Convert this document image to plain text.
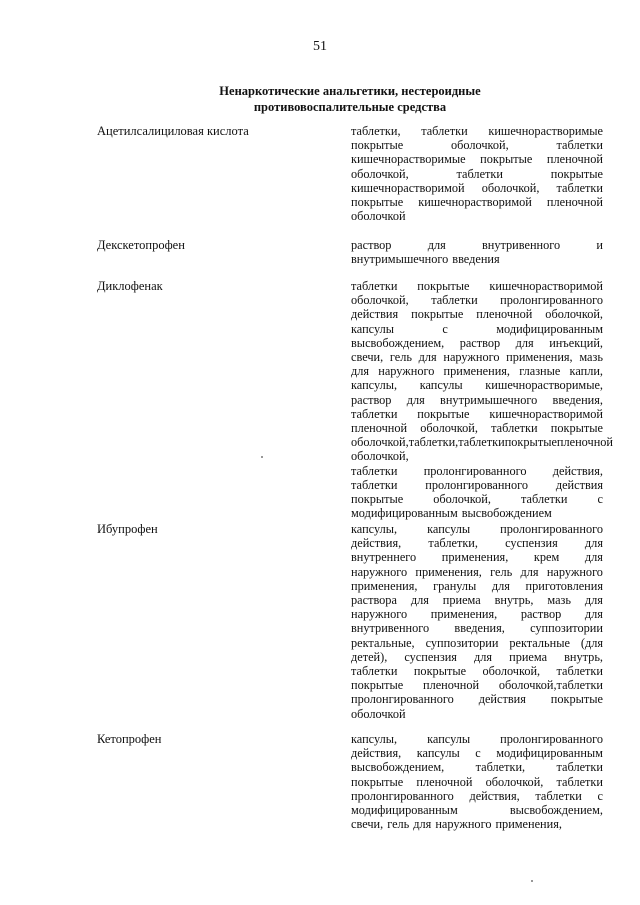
51
Ненаркотические анальгетики, нестероидные
противовоспалительные средства
Ацетилсалициловая кислота	таблетки, таблетки кишечнорастворимые
покрытые	оболочкой,	таблетки
кишечнорастворимые покрытые пленочной
оболочкой,	таблетки	покрытые
кишечнорастворимой оболочкой, таблетки
покрытые кишечнорастворимой пленочной
оболочкой
Декскетопрофен	раствор	для	внутривенного	и
внутримышечного введения
Диклофенак	таблетки покрытые кишечнорастворимой
оболочкой, таблетки пролонгированного
действия покрытые пленочной оболочкой,
капсулы	с	модифицированным
высвобождением, раствор для инъекций,
свечи, гель для наружного применения, мазь
для наружного применения, глазные капли,
капсулы, капсулы кишечнорастворимые,
раствор для внутримышечного введения,
таблетки покрытые кишечнорастворимой
пленочной оболочкой, таблетки покрытые
оболочкой, таблетки, таблетки покрытые пленочной
оболочкой,
таблетки пролонгированного действия,
таблетки пролонгированного действия
покрытые оболочкой, таблетки с
модифицированным высвобождением
Ибупрофен	капсулы, капсулы пролонгированного
действия, таблетки, суспензия для
внутреннего применения, крем для
наружного применения, гель для наружного
применения, гранулы для приготовления
раствора для приема внутрь, мазь для
наружного применения, раствор для
внутривенного введения, суппозитории
ректальные, суппозитории ректальные (для
детей), суспензия для приема внутрь,
таблетки покрытые оболочкой, таблетки
покрытые пленочной оболочкой,таблетки
пролонгированного действия покрытые
оболочкой
Кетопрофен	капсулы, капсулы пролонгированного
действия, капсулы с модифицированным
высвобождением,	таблетки,	таблетки
покрытые пленочной оболочкой, таблетки
пролонгированного действия, таблетки с
модифицированным	высвобождением,
свечи, гель для наружного применения,
